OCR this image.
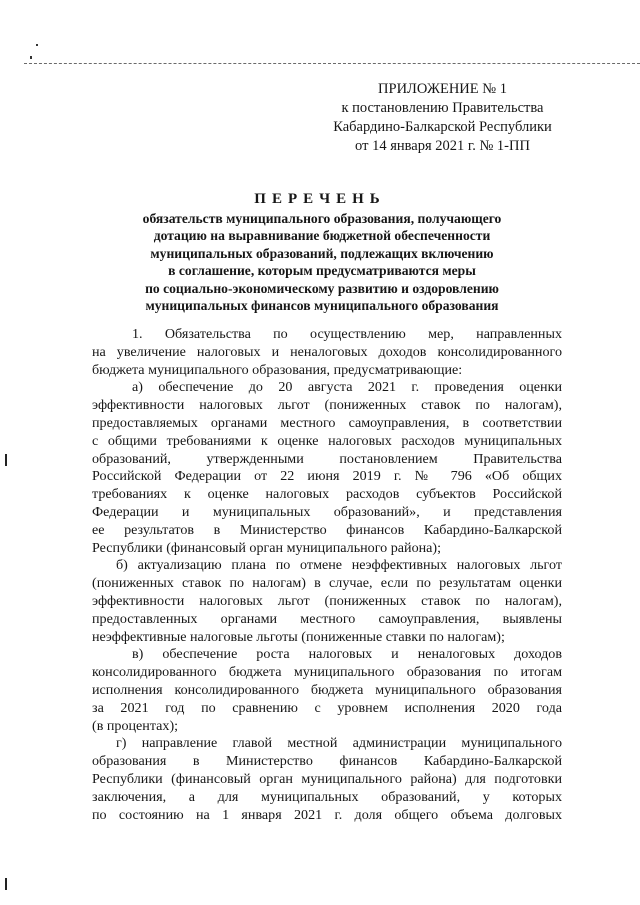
ПРИЛОЖЕНИЕ № 1
к постановлению Правительства
Кабардино-Балкарской Республики
от 14 января 2021 г. № 1-ПП
ПЕРЕЧЕНЬ
обязательств муниципального образования, получающего
дотацию на выравнивание бюджетной обеспеченности
муниципальных образований, подлежащих включению
в соглашение, которым предусматриваются меры
по социально-экономическому развитию и оздоровлению
муниципальных финансов муниципального образования
1. Обязательства по осуществлению мер, направленных
на увеличение налоговых и неналоговых доходов консолидированного
бюджета муниципального образования, предусматривающие:
а) обеспечение до 20 августа 2021 г. проведения оценки
эффективности налоговых льгот (пониженных ставок по налогам),
предоставляемых органами местного самоуправления, в соответствии
с общими требованиями к оценке налоговых расходов муниципальных
образований, утвержденными постановлением Правительства
Российской Федерации от 22 июня 2019 г. № 796 «Об общих
требованиях к оценке налоговых расходов субъектов Российской
Федерации и муниципальных образований», и представления
ее результатов в Министерство финансов Кабардино-Балкарской
Республики (финансовый орган муниципального района);
б) актуализацию плана по отмене неэффективных налоговых льгот
(пониженных ставок по налогам) в случае, если по результатам оценки
эффективности налоговых льгот (пониженных ставок по налогам),
предоставленных органами местного самоуправления, выявлены
неэффективные налоговые льготы (пониженные ставки по налогам);
в) обеспечение роста налоговых и неналоговых доходов
консолидированного бюджета муниципального образования по итогам
исполнения консолидированного бюджета муниципального образования
за 2021 год по сравнению с уровнем исполнения 2020 года
(в процентах);
г) направление главой местной администрации муниципального
образования в Министерство финансов Кабардино-Балкарской
Республики (финансовый орган муниципального района) для подготовки
заключения, а для муниципальных образований, у которых
по состоянию на 1 января 2021 г. доля общего объема долговых
